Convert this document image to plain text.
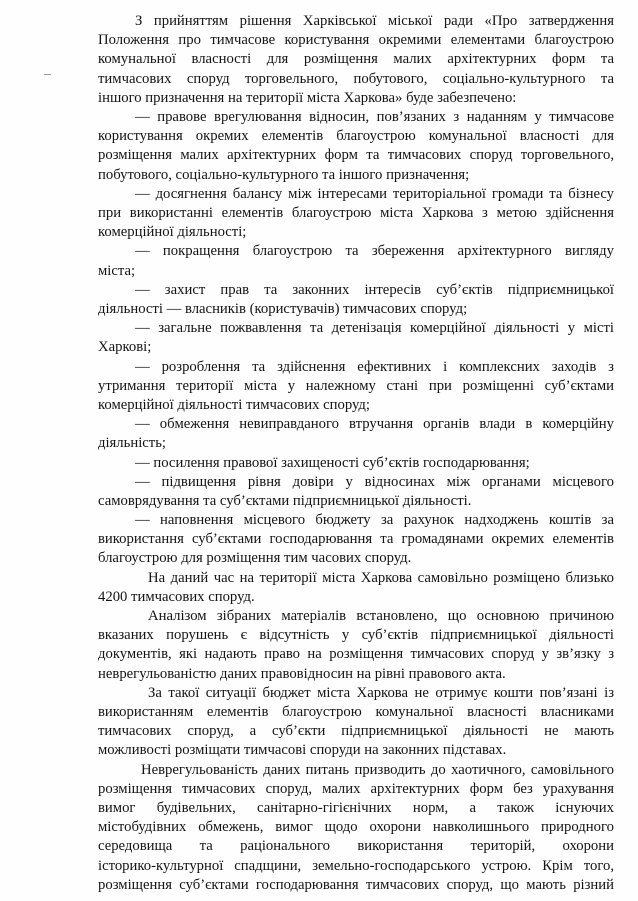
З прийняттям рішення Харківської міської ради «Про затвердження
Положення про тимчасове користування окремими елементами благоустрою
комунальної власності для розміщення малих архітектурних форм та
тимчасових споруд торговельного, побутового, соціально-культурного та
іншого призначення на території міста Харкова» буде забезпечено:
— правове врегулювання відносин, пов’язаних з наданням у тимчасове
користування окремих елементів благоустрою комунальної власності для
розміщення малих архітектурних форм та тимчасових споруд торговельного,
побутового, соціально-культурного та іншого призначення;
— досягнення балансу між інтересами територіальної громади та бізнесу
при використанні елементів благоустрою міста Харкова з метою здійснення
комерційної діяльності;
— покращення благоустрою та збереження архітектурного вигляду
міста;
— захист прав та законних інтересів суб’єктів підприємницької
діяльності — власників (користувачів) тимчасових споруд;
— загальне пожвавлення та детенізація комерційної діяльності у місті
Харкові;
— розроблення та здійснення ефективних і комплексних заходів з
утримання території міста у належному стані при розміщенні суб’єктами
комерційної діяльності тимчасових споруд;
— обмеження невиправданого втручання органів влади в комерційну
діяльність;
— посилення правової захищеності суб’єктів господарювання;
— підвищення рівня довіри у відносинах між органами місцевого
самоврядування та суб’єктами підприємницької діяльності.
— наповнення місцевого бюджету за рахунок надходжень коштів за
використання суб’єктами господарювання та громадянами окремих елементів
благоустрою для розміщення тим часових споруд.
На даний час на території міста Харкова самовільно розміщено близько
4200 тимчасових споруд.
Аналізом зібраних матеріалів встановлено, що основною причиною
вказаних порушень є відсутність у суб’єктів підприємницької діяльності
документів, які надають право на розміщення тимчасових споруд у зв’язку з
неврегульованістю даних правовідносин на рівні правового акта.
За такої ситуації бюджет міста Харкова не отримує кошти пов’язані із
використанням елементів благоустрою комунальної власності власниками
тимчасових споруд, а суб’єкти підприємницької діяльності не мають
можливості розміщати тимчасові споруди на законних підставах.
Неврегульованість даних питань призводить до хаотичного, самовільного
розміщення тимчасових споруд, малих архітектурних форм без урахування
вимог будівельних, санітарно-гігієнічних норм, а також існуючих
містобудівних обмежень, вимог щодо охорони навколишнього природного
середовища та раціонального використання територій, охорони
історико-культурної спадщини, земельно-господарського устрою. Крім того,
розміщення суб’єктами господарювання тимчасових споруд, що мають різний
